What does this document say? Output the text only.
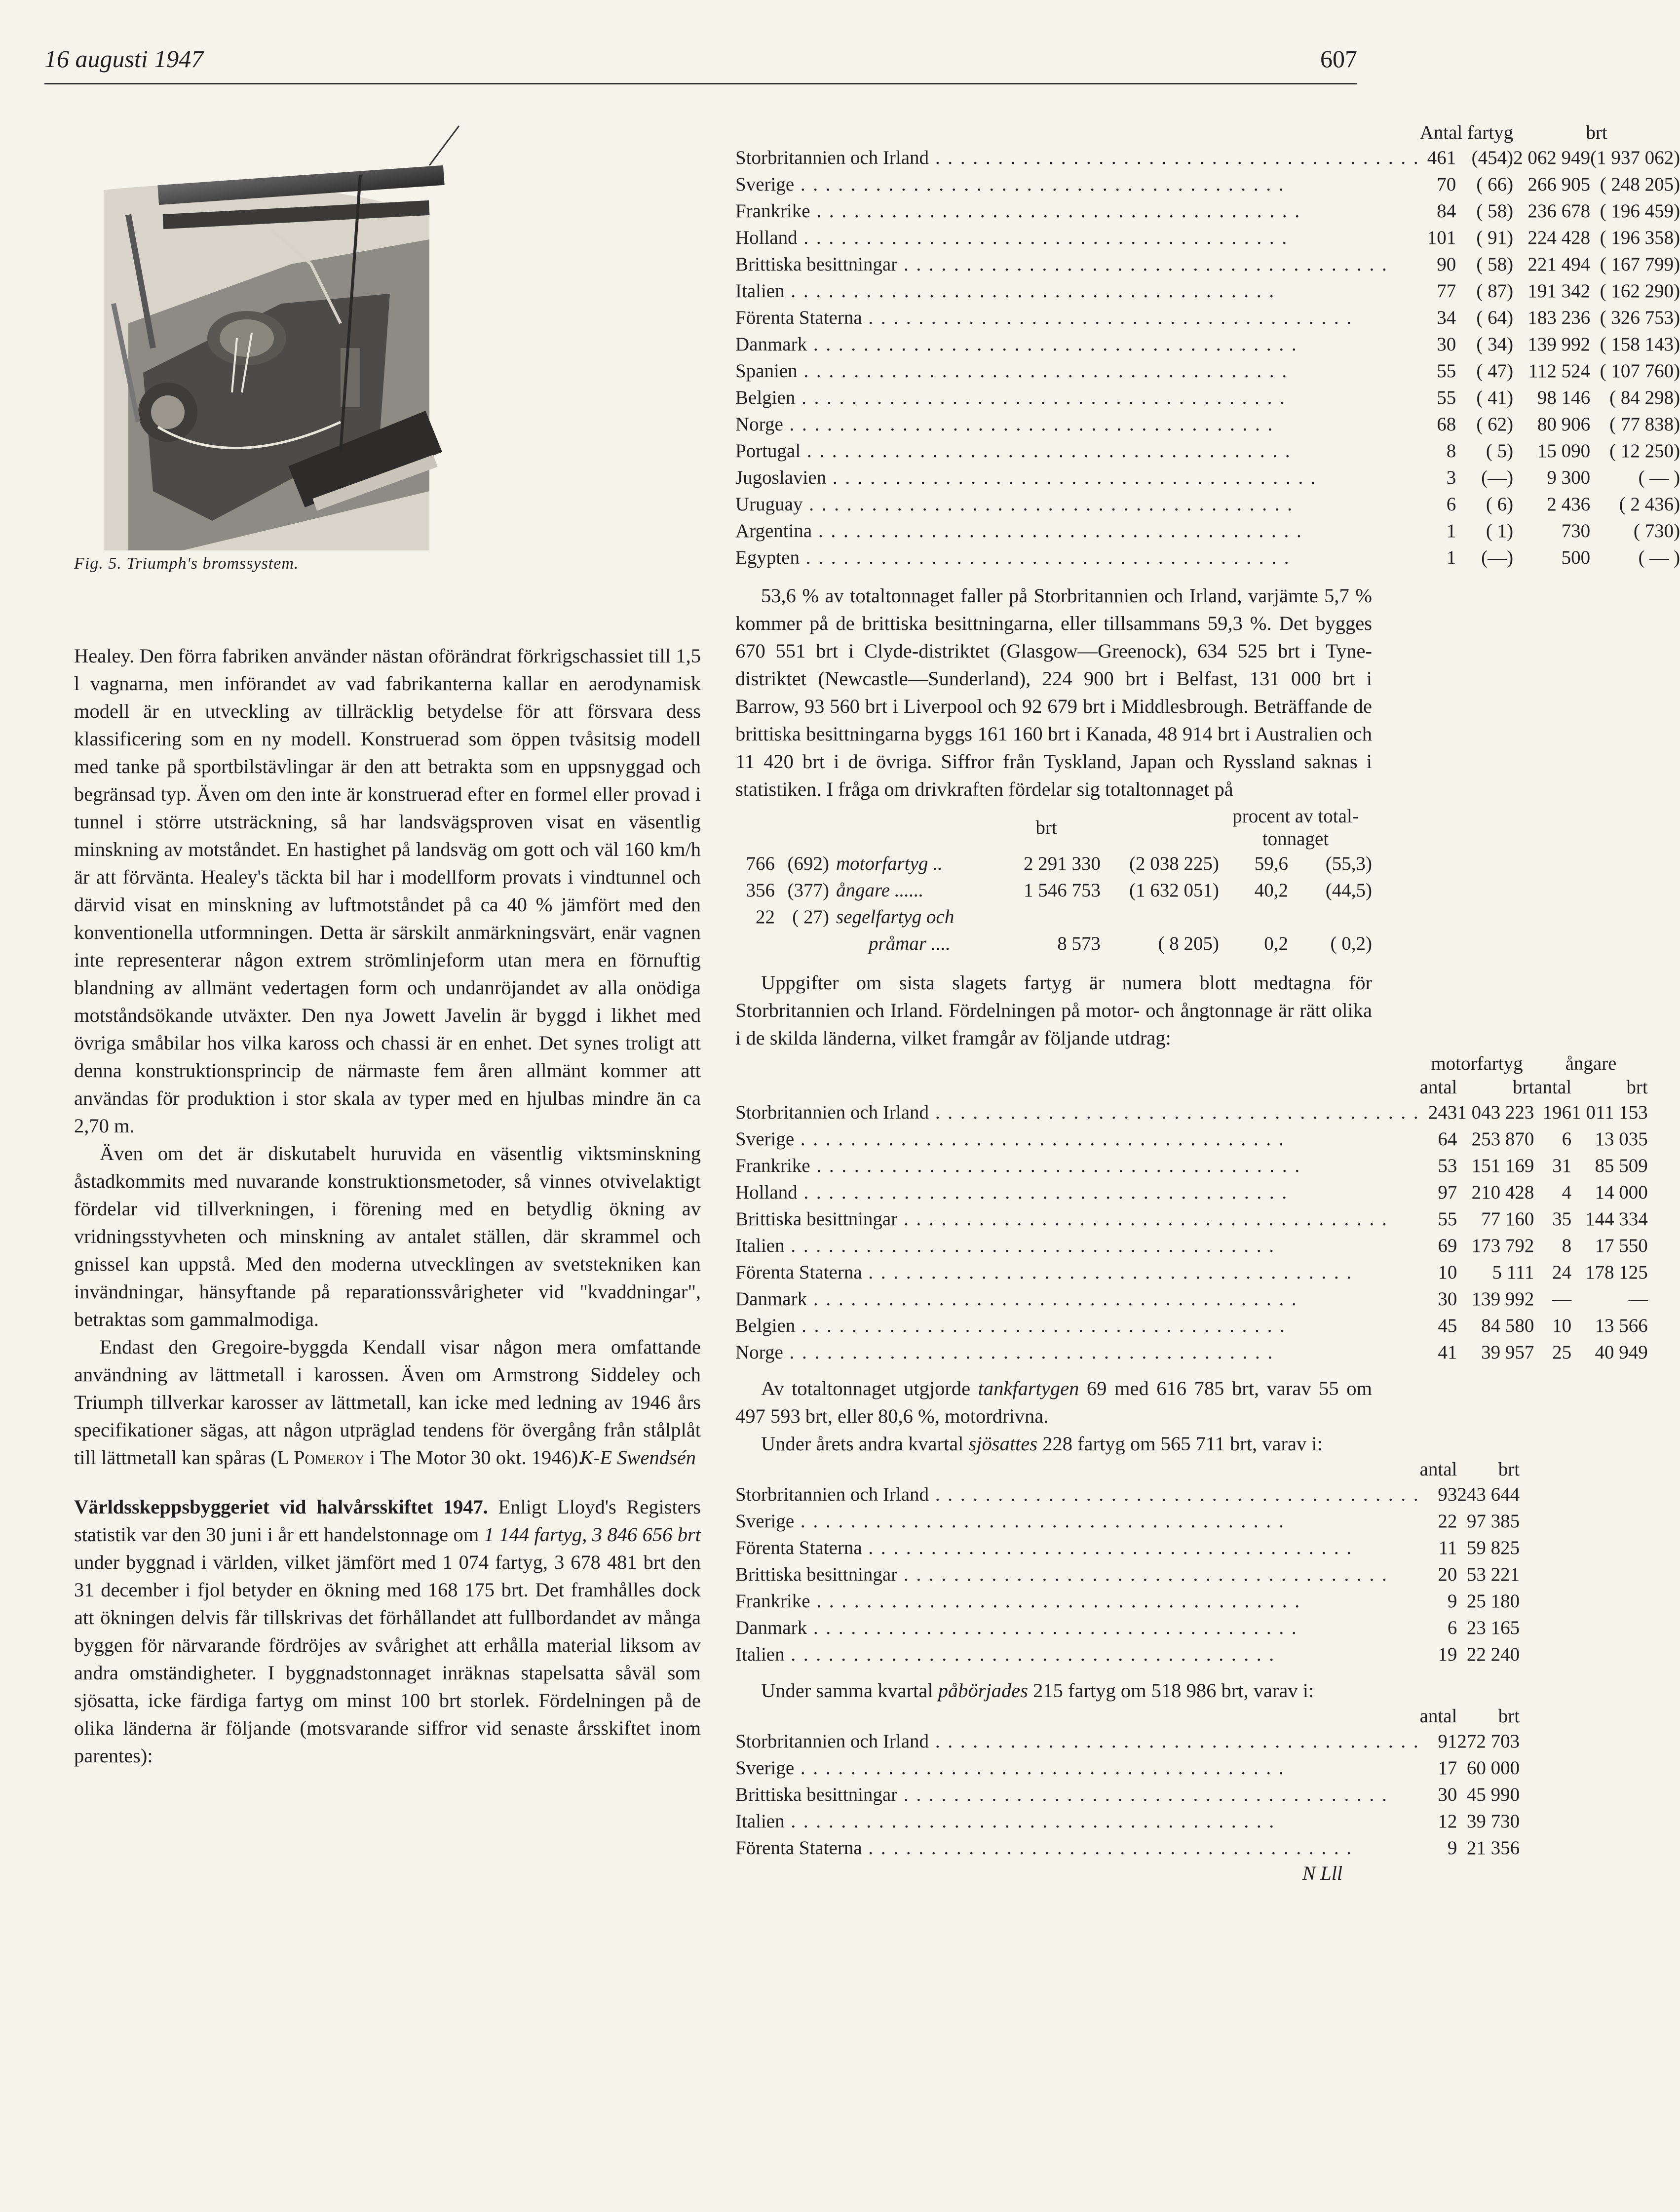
16 augusti 1947	607

Fig. 5. Triumph's bromssystem.

Healey. Den förra fabriken använder nästan oförändrat förkrigschassiet till 1,5 l vagnarna, men införandet av vad fabrikanterna kallar en aerodynamisk modell är en utveckling av tillräcklig betydelse för att försvara dess klassificering som en ny modell. Konstruerad som öppen tvåsitsig modell med tanke på sportbilstävlingar är den att betrakta som en uppsnyggad och begränsad typ. Även om den inte är konstruerad efter en formel eller provad i tunnel i större utsträckning, så har landsvägsproven visat en väsentlig minskning av motståndet. En hastighet på landsväg om gott och väl 160 km/h är att förvänta. Healey's täckta bil har i modellform provats i vindtunnel och därvid visat en minskning av luftmotståndet på ca 40 % jämfört med den konventionella utformningen. Detta är särskilt anmärkningsvärt, enär vagnen inte representerar någon extrem strömlinjeform utan mera en förnuftig blandning av allmänt vedertagen form och undanröjandet av alla onödiga motståndsökande utväxter. Den nya Jowett Javelin är byggd i likhet med övriga småbilar hos vilka kaross och chassi är en enhet. Det synes troligt att denna konstruktionsprincip de närmaste fem åren allmänt kommer att användas för produktion i stor skala av typer med en hjulbas mindre än ca 2,70 m.

Även om det är diskutabelt huruvida en väsentlig viktsminskning åstadkommits med nuvarande konstruktionsmetoder, så vinnes otvivelaktigt fördelar vid tillverkningen, i förening med en betydlig ökning av vridningsstyvheten och minskning av antalet ställen, där skrammel och gnissel kan uppstå. Med den moderna utvecklingen av svetstekniken kan invändningar, hänsyftande på reparationssvårigheter vid "kvaddningar", betraktas som gammalmodiga.

Endast den Gregoire-byggda Kendall visar någon mera omfattande användning av lättmetall i karossen. Även om Armstrong Siddeley och Triumph tillverkar karosser av lättmetall, kan icke med ledning av 1946 års specifikationer sägas, att någon utpräglad tendens för övergång från stålplåt till lättmetall kan spåras (L Pomeroy i The Motor 30 okt. 1946).

K-E Swendsén

Världsskeppsbyggeriet vid halvårsskiftet 1947. Enligt Lloyd's Registers statistik var den 30 juni i år ett handelstonnage om 1 144 fartyg, 3 846 656 brt under byggnad i världen, vilket jämfört med 1 074 fartyg, 3 678 481 brt den 31 december i fjol betyder en ökning med 168 175 brt. Det framhålles dock att ökningen delvis får tillskrivas det förhållandet att fullbordandet av många byggen för närvarande fördröjes av svårighet att erhålla material liksom av andra omständigheter. I byggnadstonnaget inräknas stapelsatta såväl som sjösatta, icke färdiga fartyg om minst 100 brt storlek. Fördelningen på de olika länderna är följande (motsvarande siffror vid senaste årsskiftet inom parentes):

	Antal fartyg		brt	
Storbritannien och Irland . . .	461	(454)	2 062 949	(1 937 062)
Sverige . . .	70	( 66)	266 905	( 248 205)
Frankrike . . .	84	( 58)	236 678	( 196 459)
Holland . . .	101	( 91)	224 428	( 196 358)
Brittiska besittningar . . .	90	( 58)	221 494	( 167 799)
Italien . . .	77	( 87)	191 342	( 162 290)
Förenta Staterna . . .	34	( 64)	183 236	( 326 753)
Danmark . . .	30	( 34)	139 992	( 158 143)
Spanien . . .	55	( 47)	112 524	( 107 760)
Belgien . . .	55	( 41)	98 146	( 84 298)
Norge . . .	68	( 62)	80 906	( 77 838)
Portugal . . .	8	( 5)	15 090	( 12 250)
Jugoslavien . . .	3	(—)	9 300	( — )
Uruguay . . .	6	( 6)	2 436	( 2 436)
Argentina . . .	1	( 1)	730	( 730)
Egypten . . .	1	(—)	500	( — )

53,6 % av totaltonnaget faller på Storbritannien och Irland, varjämte 5,7 % kommer på de brittiska besittningarna, eller tillsammans 59,3 %. Det bygges 670 551 brt i Clyde-distriktet (Glasgow—Greenock), 634 525 brt i Tyne-distriktet (Newcastle—Sunderland), 224 900 brt i Belfast, 131 000 brt i Barrow, 93 560 brt i Liverpool och 92 679 brt i Middlesbrough. Beträffande de brittiska besittningarna byggs 161 160 brt i Kanada, 48 914 brt i Australien och 11 420 brt i de övriga. Siffror från Tyskland, Japan och Ryssland saknas i statistiken. I fråga om drivkraften fördelar sig totaltonnaget på

			brt		procent av total-tonnaget	
766	(692)	motorfartyg ..	2 291 330	(2 038 225)	59,6	(55,3)
356	(377)	ångare ......	1 546 753	(1 632 051)	40,2	(44,5)
22	( 27)	segelfartyg och				
		pråmar ....	8 573	( 8 205)	0,2	( 0,2)

Uppgifter om sista slagets fartyg är numera blott medtagna för Storbritannien och Irland. Fördelningen på motor- och ångtonnage är rätt olika i de skilda länderna, vilket framgår av följande utdrag:

	motorfartyg		ångare	
	antal	brt	antal	brt
Storbritannien och Irland . . .	243	1 043 223	196	1 011 153
Sverige . . .	64	253 870	6	13 035
Frankrike . . .	53	151 169	31	85 509
Holland . . .	97	210 428	4	14 000
Brittiska besittningar . . .	55	77 160	35	144 334
Italien . . .	69	173 792	8	17 550
Förenta Staterna . . .	10	5 111	24	178 125
Danmark . . .	30	139 992	—	—
Belgien . . .	45	84 580	10	13 566
Norge . . .	41	39 957	25	40 949

Av totaltonnaget utgjorde tankfartygen 69 med 616 785 brt, varav 55 om 497 593 brt, eller 80,6 %, motordrivna.

Under årets andra kvartal sjösattes 228 fartyg om 565 711 brt, varav i:

	antal	brt
Storbritannien och Irland . . .	93	243 644
Sverige . . .	22	97 385
Förenta Staterna . . .	11	59 825
Brittiska besittningar . . .	20	53 221
Frankrike . . .	9	25 180
Danmark . . .	6	23 165
Italien . . .	19	22 240

Under samma kvartal påbörjades 215 fartyg om 518 986 brt, varav i:

	antal	brt
Storbritannien och Irland . . .	91	272 703
Sverige . . .	17	60 000
Brittiska besittningar . . .	30	45 990
Italien . . .	12	39 730
Förenta Staterna . . .	9	21 356
N Lll
